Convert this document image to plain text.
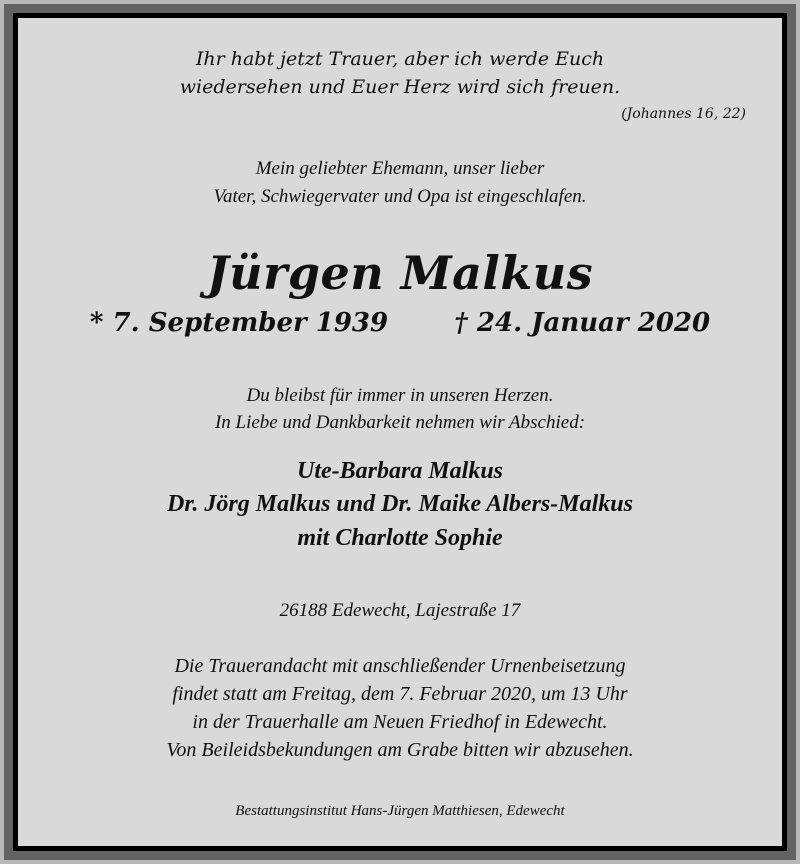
Ihr habt jetzt Trauer, aber ich werde Euch
wiedersehen und Euer Herz wird sich freuen.
(Johannes 16, 22)
Mein geliebter Ehemann, unser lieber
Vater, Schwiegervater und Opa ist eingeschlafen.
Jürgen Malkus
* 7. September 1939	† 24. Januar 2020
Du bleibst für immer in unseren Herzen.
In Liebe und Dankbarkeit nehmen wir Abschied:
Ute-Barbara Malkus
Dr. Jörg Malkus und Dr. Maike Albers-Malkus
mit Charlotte Sophie
26188 Edewecht, Lajestraße 17
Die Trauerandacht mit anschließender Urnenbeisetzung
findet statt am Freitag, dem 7. Februar 2020, um 13 Uhr
in der Trauerhalle am Neuen Friedhof in Edewecht.
Von Beileidsbekundungen am Grabe bitten wir abzusehen.
Bestattungsinstitut Hans-Jürgen Matthiesen, Edewecht
